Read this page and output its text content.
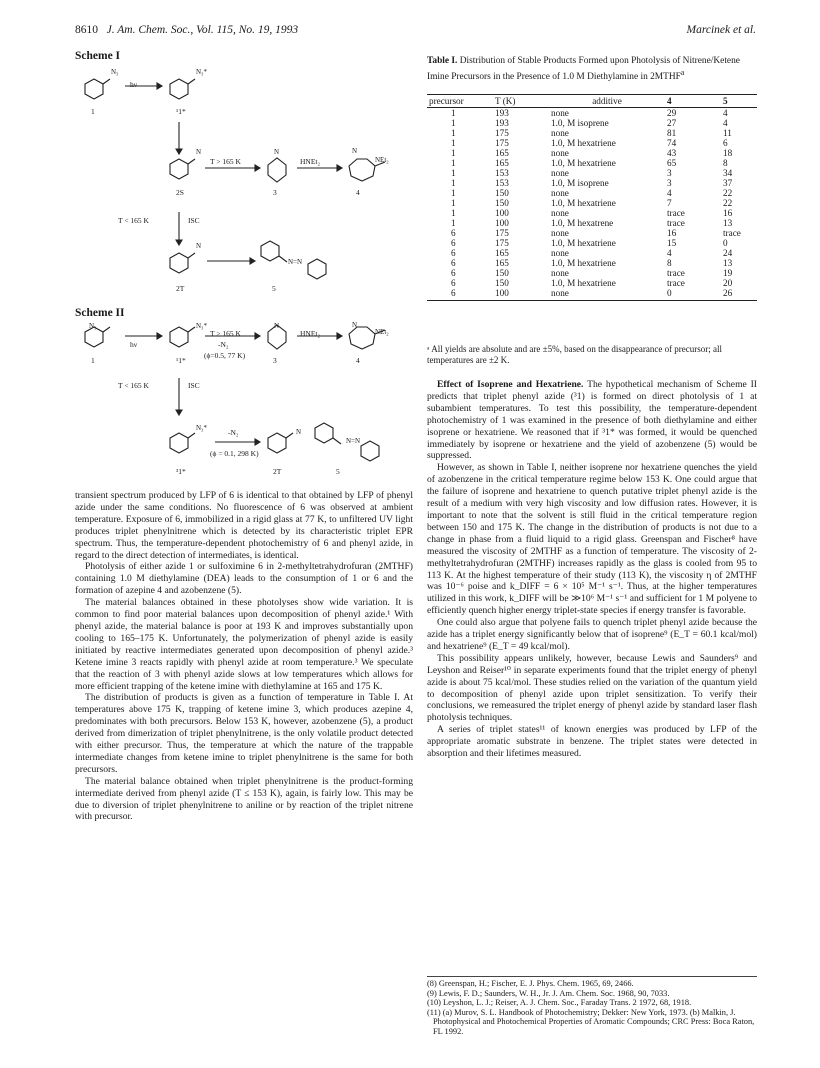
8610 J. Am. Chem. Soc., Vol. 115, No. 19, 1993	Marcinek et al.
Scheme I
N₃
hν
N₃*
N
T > 165 K
N
HNEt₂
N
NEt₂
T < 165 K	ISC
N
N=N
1	¹1*
2S	3	4
2T	5
Scheme II
N₃
hν
N₃*
T > 165 K
-N₂
(ϕ=0.5, 77 K)
N
HNEt₂
N
NEt₂
1	¹1*	3	4
T < 165 K	ISC
N₃*	-N₂
(ϕ = 0.1, 298 K)
N
N=N
³1*	2T	5

transient spectrum produced by LFP of 6 is identical to that obtained by LFP of phenyl azide under the same conditions. No fluorescence of 6 was observed at ambient temperature. Exposure of 6, immobilized in a rigid glass at 77 K, to unfiltered UV light produces triplet phenylnitrene which is detected by its characteristic triplet EPR spectrum. Thus, the temperature-dependent photochemistry of 6 and phenyl azide, in regard to the direct detection of intermediates, is identical.

Photolysis of either azide 1 or sulfoximine 6 in 2-methyltetrahydrofuran (2MTHF) containing 1.0 M diethylamine (DEA) leads to the consumption of 1 or 6 and the formation of azepine 4 and azobenzene (5).

The material balances obtained in these photolyses show wide variation. It is common to find poor material balances upon decomposition of phenyl azide.¹ With phenyl azide, the material balance is poor at 193 K and improves substantially upon cooling to 165–175 K. Unfortunately, the polymerization of phenyl azide is easily initiated by reactive intermediates generated upon decomposition of phenyl azide.³ Ketene imine 3 reacts rapidly with phenyl azide at room temperature.³ We speculate that the reaction of 3 with phenyl azide slows at low temperatures which allows for more efficient trapping of the ketene imine with diethylamine at 165 and 175 K.

The distribution of products is given as a function of temperature in Table I. At temperatures above 175 K, trapping of ketene imine 3, which produces azepine 4, predominates with both precursors. Below 153 K, however, azobenzene (5), a product derived from dimerization of triplet phenylnitrene, is the only volatile product detected with either precursor. Thus, the temperature at which the nature of the trappable intermediate changes from ketene imine to triplet phenylnitrene is the same for both precursors.

The material balance obtained when triplet phenylnitrene is the product-forming intermediate derived from phenyl azide (T ≤ 153 K), again, is fairly low. This may be due to diversion of triplet phenylnitrene to aniline or by reaction of the triplet nitrene with precursor.

Table I. Distribution of Stable Products Formed upon Photolysis of Nitrene/Ketene Imine Precursors in the Presence of 1.0 M Diethylamine in 2MTHF$^a$
precursor	T (K)	additive	4	5
1	193	none	29	4
1	193	1.0, M isoprene	27	4
1	175	none	81	11
1	175	1.0, M hexatriene	74	6
1	165	none	43	18
1	165	1.0, M hexatriene	65	8
1	153	none	3	34
1	153	1.0, M isoprene	3	37
1	150	none	4	22
1	150	1.0, M hexatriene	7	22
1	100	none	trace	16
1	100	1.0, M hexatrene	trace	13
6	175	none	16	trace
6	175	1.0, M hexatriene	15	0
6	165	none	4	24
6	165	1.0, M hexatriene	8	13
6	150	none	trace	19
6	150	1.0, M hexatriene	trace	20
6	100	none	0	26
ᵃ All yields are absolute and are ±5%, based on the disappearance of precursor; all temperatures are ±2 K.

Effect of Isoprene and Hexatriene. The hypothetical mechanism of Scheme II predicts that triplet phenyl azide (³1) is formed on direct photolysis of 1 at subambient temperatures. To test this possibility, the temperature-dependent photochemistry of 1 was examined in the presence of both diethylamine and either isoprene or hexatriene. We reasoned that if ³1* was formed, it would be quenched immediately by isoprene or hexatriene and the yield of azobenzene (5) would be suppressed.

However, as shown in Table I, neither isoprene nor hexatriene quenches the yield of azobenzene in the critical temperature regime below 153 K. One could argue that the failure of isoprene and hexatriene to quench putative triplet phenyl azide is the result of a medium with very high viscosity and low diffusion rates. However, it is important to note that the solvent is still fluid in the critical temperature region between 150 and 175 K. The change in the distribution of products is not due to a change in phase from a fluid liquid to a rigid glass. Greenspan and Fischer⁸ have measured the viscosity of 2MTHF as a function of temperature. The viscosity of 2-methyltetrahydrofuran (2MTHF) increases rapidly as the glass is cooled from 95 to 113 K. At the highest temperature of their study (113 K), the viscosity η of 2MTHF was 10⁻⁶ poise and k_DIFF = 6 × 10⁵ M⁻¹ s⁻¹. Thus, at the higher temperatures utilized in this work, k_DIFF will be ≫10⁶ M⁻¹ s⁻¹ and sufficient for 1 M polyene to efficiently quench higher energy triplet-state species if energy transfer is favorable.

One could also argue that polyene fails to quench triplet phenyl azide because the azide has a triplet energy significantly below that of isoprene⁹ (E_T = 60.1 kcal/mol) and hexatriene⁹ (E_T = 49 kcal/mol).

This possibility appears unlikely, however, because Lewis and Saunders⁹ and Leyshon and Reiser¹⁰ in separate experiments found that the triplet energy of phenyl azide is about 75 kcal/mol. These studies relied on the variation of the quantum yield to decomposition of phenyl azide upon triplet sensitization. To verify their conclusions, we remeasured the triplet energy of phenyl azide by standard laser flash photolysis techniques.

A series of triplet states¹¹ of known energies was produced by LFP of the appropriate aromatic substrate in benzene. The triplet states were detected in absorption and their lifetimes measured.

(8) Greenspan, H.; Fischer, E. J. Phys. Chem. 1965, 69, 2466.
(9) Lewis, F. D.; Saunders, W. H., Jr. J. Am. Chem. Soc. 1968, 90, 7033.
(10) Leyshon, L. J.; Reiser, A. J. Chem. Soc., Faraday Trans. 2 1972, 68, 1918.
(11) (a) Murov, S. L. Handbook of Photochemistry; Dekker: New York, 1973. (b) Malkin, J. Photophysical and Photochemical Properties of Aromatic Compounds; CRC Press: Boca Raton, FL 1992.
